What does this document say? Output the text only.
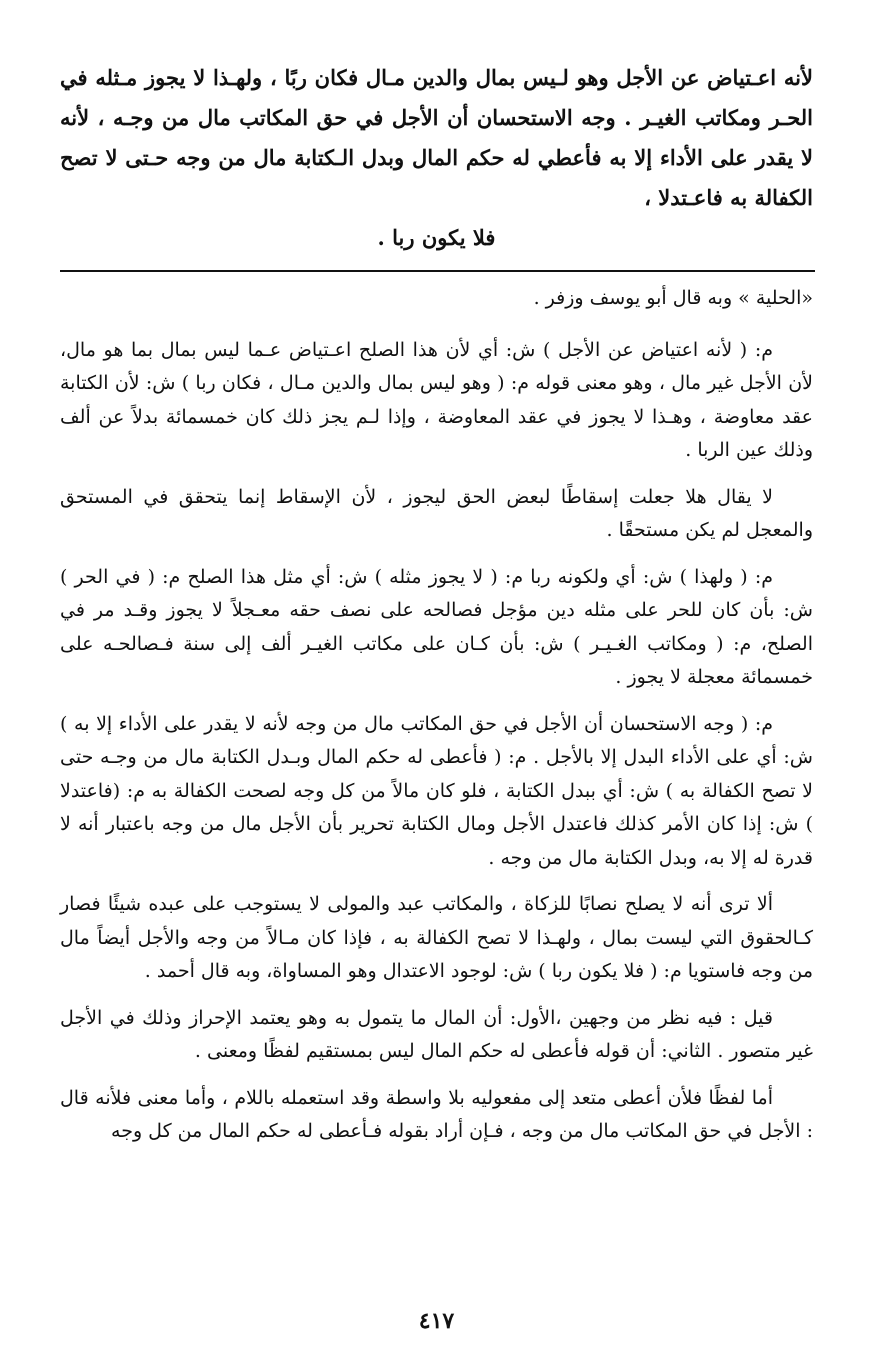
لأنه اعـتياض عن الأجل وهو لـيس بمال والدين مـال فكان ربًا ، ولهـذا لا يجوز مـثله في الحـر ومكاتب الغيـر . وجه الاستحسان أن الأجل في حق المكاتب مال من وجـه ، لأنه لا يقدر على الأداء إلا به فأعطي له حكم المال وبدل الـكتابة مال من وجه حـتى لا تصح الكفالة به فاعـتدلا ،

فلا يكون ربا .

«الحلية » وبه قال أبو يوسف وزفر .

م: ( لأنه اعتياض عن الأجل ) ش: أي لأن هذا الصلح اعـتياض عـما ليس بمال بما هو مال، لأن الأجل غير مال ، وهو معنى قوله م: ( وهو ليس بمال والدين مـال ، فكان ربا ) ش: لأن الكتابة عقد معاوضة ، وهـذا لا يجوز في عقد المعاوضة ، وإذا لـم يجز ذلك كان خمسمائة بدلاً عن ألف وذلك عين الربا .

لا يقال هلا جعلت إسقاطًا لبعض الحق ليجوز ، لأن الإسقاط إنما يتحقق في المستحق والمعجل لم يكن مستحقًا .

م: ( ولهذا ) ش: أي ولكونه ربا م: ( لا يجوز مثله ) ش: أي مثل هذا الصلح م: ( في الحر ) ش: بأن كان للحر على مثله دين مؤجل فصالحه على نصف حقه معـجلاً لا يجوز وقـد مر في الصلح، م: ( ومكاتب الغـيـر ) ش: بأن كـان على مكاتب الغيـر ألف إلى سنة فـصالحـه على خمسمائة معجلة لا يجوز .

م: ( وجه الاستحسان أن الأجل في حق المكاتب مال من وجه لأنه لا يقدر على الأداء إلا به ) ش: أي على الأداء البدل إلا بالأجل . م: ( فأعطى له حكم المال وبـدل الكتابة مال من وجـه حتى لا تصح الكفالة به ) ش: أي ببدل الكتابة ، فلو كان مالاً من كل وجه لصحت الكفالة به م: (فاعتدلا ) ش: إذا كان الأمر كذلك فاعتدل الأجل ومال الكتابة تحرير بأن الأجل مال من وجه باعتبار أنه لا قدرة له إلا به، وبدل الكتابة مال من وجه .

ألا ترى أنه لا يصلح نصابًا للزكاة ، والمكاتب عبد والمولى لا يستوجب على عبده شيئًا فصار كـالحقوق التي ليست بمال ، ولهـذا لا تصح الكفالة به ، فإذا كان مـالاً من وجه والأجل أيضاً مال من وجه فاستويا م: ( فلا يكون ربا ) ش: لوجود الاعتدال وهو المساواة، وبه قال أحمد .

قيل : فيه نظر من وجهين ،الأول: أن المال ما يتمول به وهو يعتمد الإحراز وذلك في الأجل غير متصور . الثاني: أن قوله فأعطى له حكم المال ليس بمستقيم لفظًا ومعنى .

أما لفظًا فلأن أعطى متعد إلى مفعوليه بلا واسطة وقد استعمله باللام ، وأما معنى فلأنه قال : الأجل في حق المكاتب مال من وجه ، فـإن أراد بقوله فـأعطى له حكم المال من كل وجه

٤١٧
